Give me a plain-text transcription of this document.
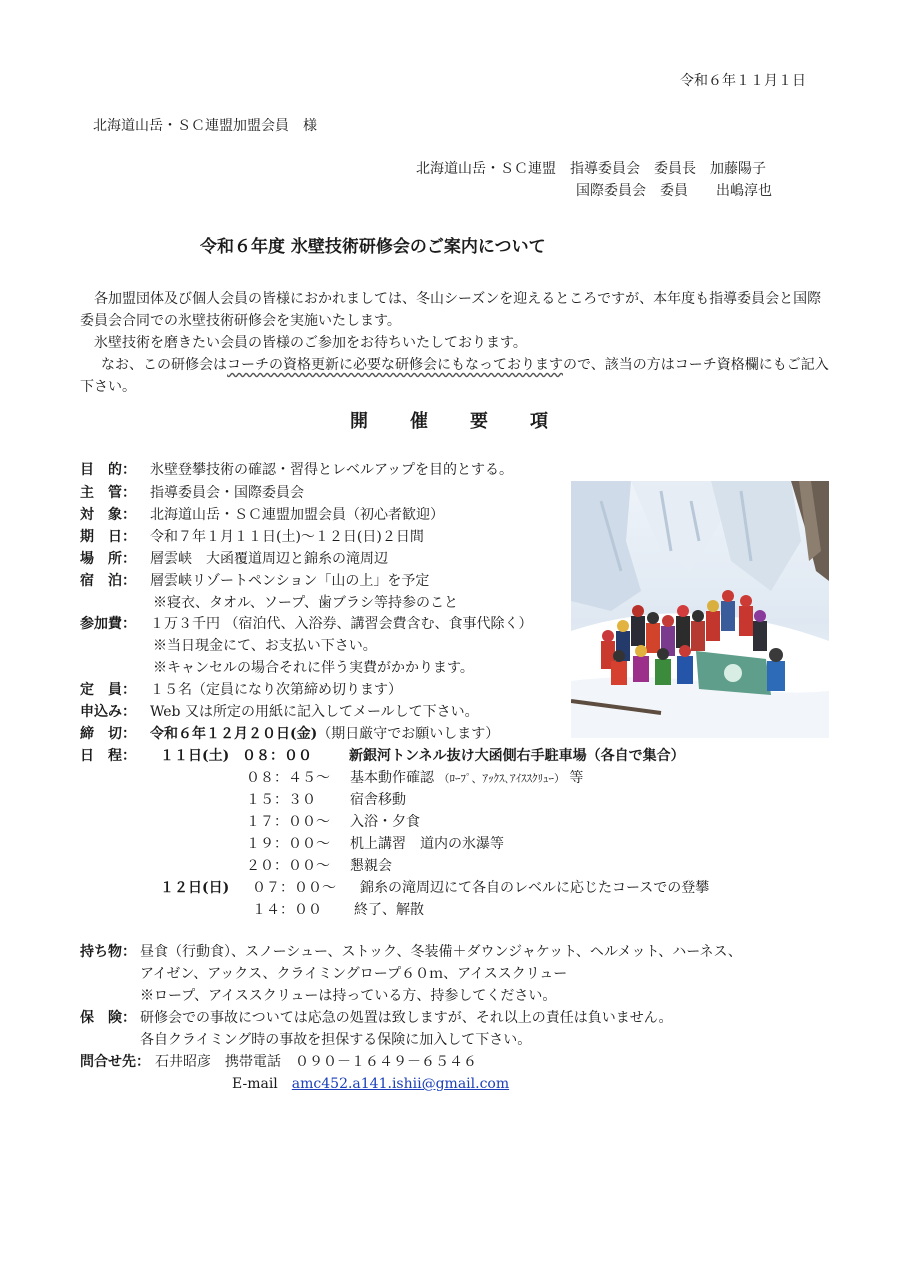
令和６年１１月１日
北海道山岳・ＳＣ連盟加盟会員　様
北海道山岳・ＳＣ連盟　指導委員会　委員長　加藤陽子
国際委員会　委員　　出嶋淳也
令和６年度 氷壁技術研修会のご案内について
各加盟団体及び個人会員の皆様におかれましては、冬山シーズンを迎えるところですが、本年度も指導委員会と国際委員会合同での氷壁技術研修会を実施いたします。
氷壁技術を磨きたい会員の皆様のご参加をお待ちいたしております。
なお、この研修会はコーチの資格更新に必要な研修会にもなっておりますので、該当の方はコーチ資格欄にもご記入下さい。
開 催 要 項
目　的： 氷壁登攀技術の確認・習得とレベルアップを目的とする。
主　管： 指導委員会・国際委員会
対　象： 北海道山岳・ＳＣ連盟加盟会員（初心者歓迎）
期　日： 令和７年１月１１日(土)～１２日(日)２日間
場　所： 層雲峡　大函覆道周辺と錦糸の滝周辺
宿　泊： 層雲峡リゾートペンション「山の上」を予定
※寝衣、タオル、ソープ、歯ブラシ等持参のこと
参加費： １万３千円 （宿泊代、入浴券、講習会費含む、食事代除く）
※当日現金にて、お支払い下さい。
※キャンセルの場合それに伴う実費がかかります。
定　員： １５名（定員になり次第締め切ります）
申込み： Web 又は所定の用紙に記入してメールして下さい。
締　切： 令和６年１２月２０日(金)（期日厳守でお願いします）
日　程： １１日(土) ０８：００	新銀河トンネル抜け大函側右手駐車場（各自で集合）
０８：４５～ 基本動作確認 （ﾛｰﾌﾟ、ｱｯｸｽ､ｱｲｽｽｸﾘｭｰ） 等
１５：３０ 宿舎移動
１７：００～ 入浴・夕食
１９：００～ 机上講習　道内の氷瀑等
２０：００～ 懇親会
１２日(日) ０７：００～ 錦糸の滝周辺にて各自のレベルに応じたコースでの登攀
１４：００ 終了、解散
持ち物： 昼食（行動食）、スノーシュー、ストック、冬装備＋ダウンジャケット、ヘルメット、ハーネス、
アイゼン、アックス、クライミングロープ６０ｍ、アイススクリュー
※ロープ、アイススクリューは持っている方、持参してください。
保　険： 研修会での事故については応急の処置は致しますが、それ以上の責任は負いません。
各自クライミング時の事故を担保する保険に加入して下さい。
問合せ先： 石井昭彦　携帯電話　０９０－１６４９－６５４６
E-mail　 amc452.a141.ishii@gmail.com
